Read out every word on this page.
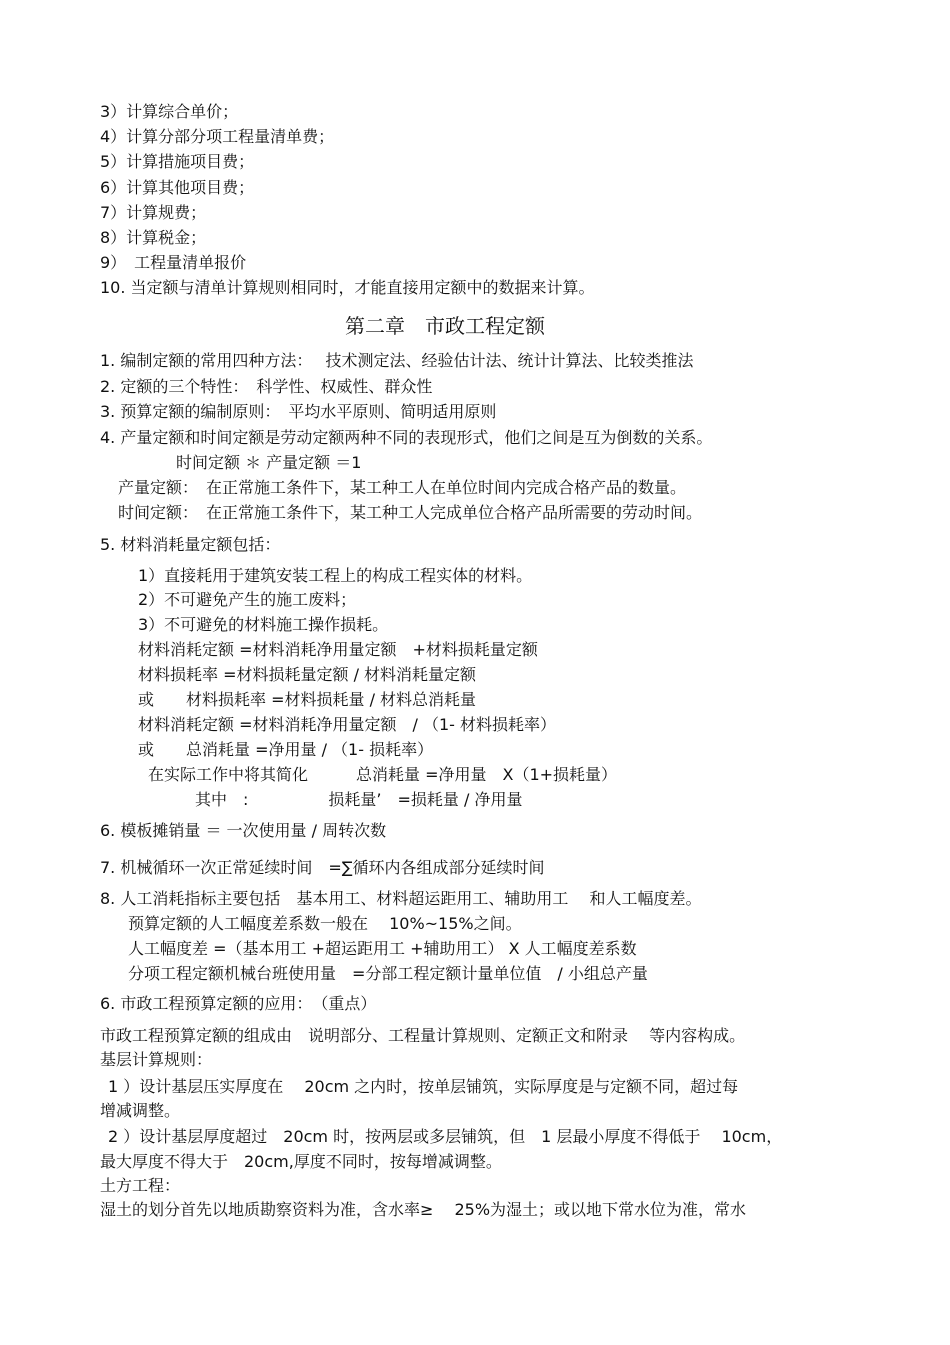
3）计算综合单价；
4）计算分部分项工程量清单费；
5）计算措施项目费；
6）计算其他项目费；
7）计算规费；
8）计算税金；
9）　工程量清单报价
10. 当定额与清单计算规则相同时，才能直接用定额中的数据来计算。
第二章　市政工程定额
1. 编制定额的常用四种方法：　 技术测定法、经验估计法、统计计算法、比较类推法
2. 定额的三个特性：　科学性、权威性、群众性
3. 预算定额的编制原则：　平均水平原则、简明适用原则
4. 产量定额和时间定额是劳动定额两种不同的表现形式，他们之间是互为倒数的关系。
时间定额 ＊ 产量定额 ＝1
产量定额：　在正常施工条件下，某工种工人在单位时间内完成合格产品的数量。
时间定额：　在正常施工条件下，某工种工人完成单位合格产品所需要的劳动时间。
5. 材料消耗量定额包括：
1）直接耗用于建筑安装工程上的构成工程实体的材料。
2）不可避免产生的施工废料；
3）不可避免的材料施工操作损耗。
材料消耗定额 =材料消耗净用量定额　+材料损耗量定额
材料损耗率 =材料损耗量定额 / 材料消耗量定额
或　　材料损耗率 =材料损耗量 / 材料总消耗量
材料消耗定额 =材料消耗净用量定额　/ （1- 材料损耗率）
或　　总消耗量 =净用量 / （1- 损耗率）
在实际工作中将其简化　　　总消耗量 =净用量　X（1+损耗量）
其中　:　　　　　损耗量’　=损耗量 / 净用量
6. 模板摊销量 ＝ 一次使用量 / 周转次数
7. 机械循环一次正常延续时间　=∑循环内各组成部分延续时间
8. 人工消耗指标主要包括　基本用工、材料超运距用工、辅助用工　 和人工幅度差。
预算定额的人工幅度差系数一般在　 10%~15%之间。
人工幅度差 =（基本用工 +超运距用工 +辅助用工） X 人工幅度差系数
分项工程定额机械台班使用量　=分部工程定额计量单位值　/ 小组总产量
6. 市政工程预算定额的应用：　（重点）
市政工程预算定额的组成由　说明部分、工程量计算规则、定额正文和附录　 等内容构成。
基层计算规则：
1 ）设计基层压实厚度在　 20cm 之内时，按单层铺筑，实际厚度是与定额不同，超过每
增减调整。
2 ）设计基层厚度超过　20cm 时，按两层或多层铺筑，但　1 层最小厚度不得低于　 10cm，
最大厚度不得大于　20cm,厚度不同时，按每增减调整。
土方工程：
湿土的划分首先以地质勘察资料为准，含水率≥　 25%为湿土；或以地下常水位为准，常水
